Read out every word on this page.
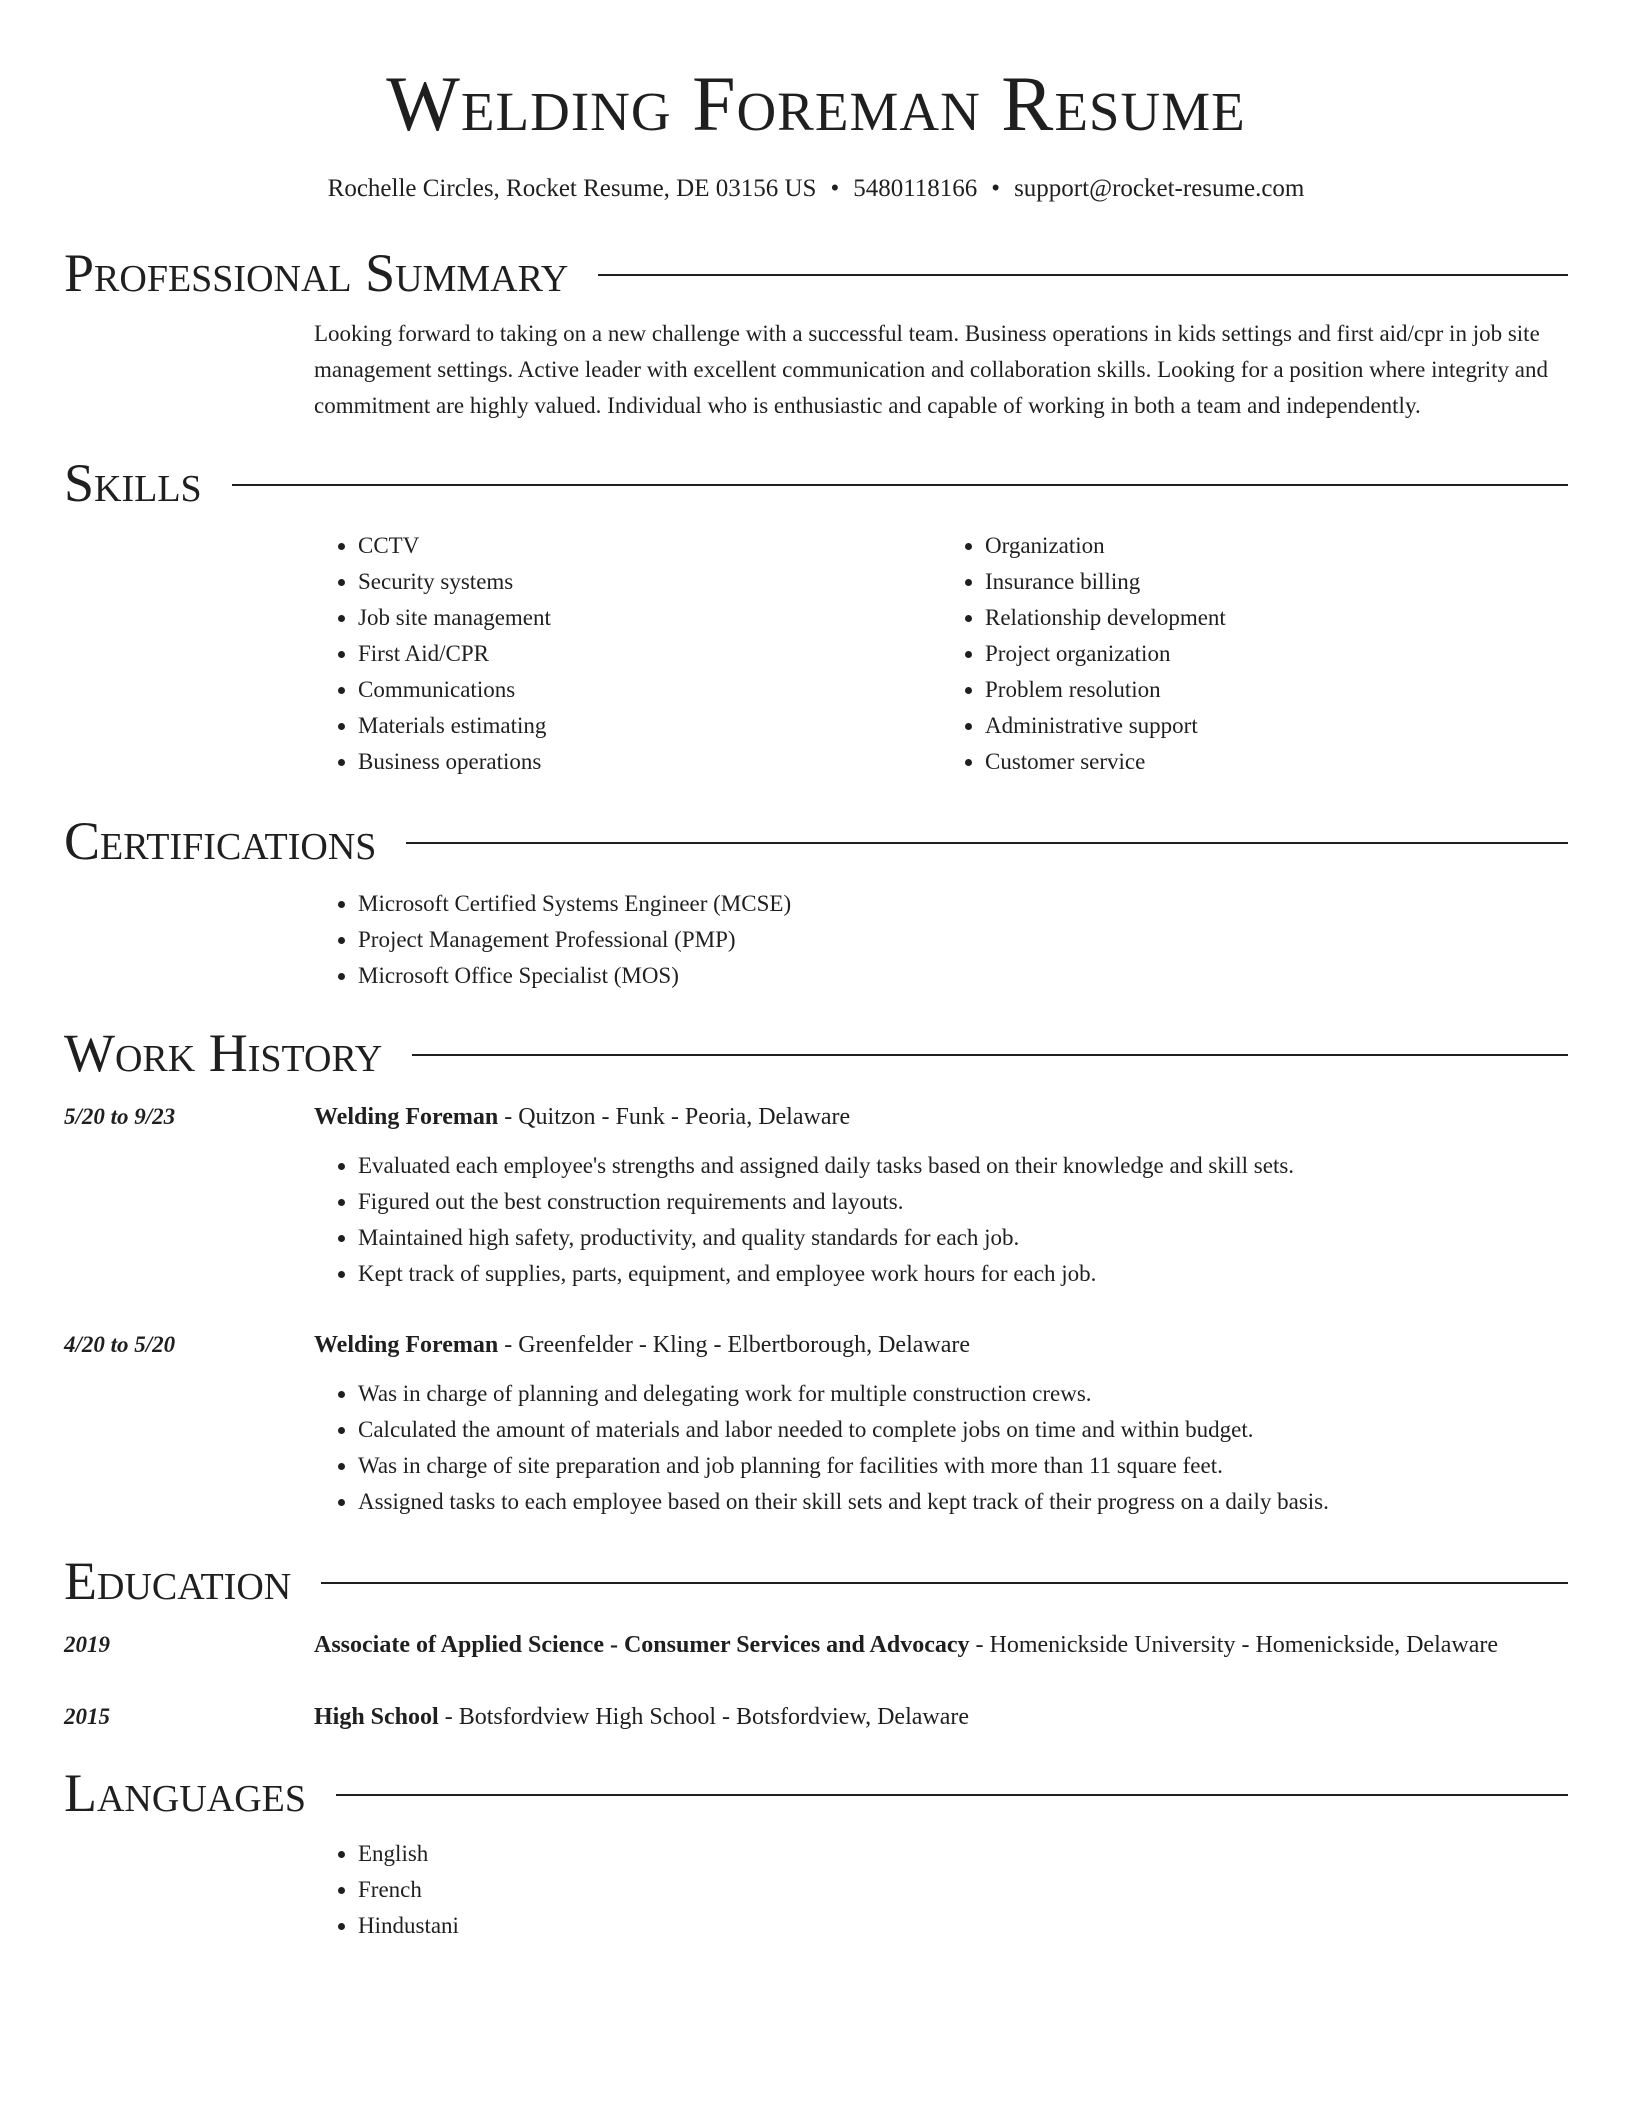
Welding Foreman Resume
Rochelle Circles, Rocket Resume, DE 03156 US • 5480118166 • support@rocket-resume.com
Professional Summary

Looking forward to taking on a new challenge with a successful team. Business operations in kids settings and first aid/cpr in job site management settings. Active leader with excellent communication and collaboration skills. Looking for a position where integrity and commitment are highly valued. Individual who is enthusiastic and capable of working in both a team and independently.

Skills
• CCTV
• Security systems
• Job site management
• First Aid/CPR
• Communications
• Materials estimating
• Business operations
• Organization
• Insurance billing
• Relationship development
• Project organization
• Problem resolution
• Administrative support
• Customer service
Certifications
• Microsoft Certified Systems Engineer (MCSE)
• Project Management Professional (PMP)
• Microsoft Office Specialist (MOS)
Work History
5/20 to 9/23	Welding Foreman - Quitzon - Funk - Peoria, Delaware

• Evaluated each employee's strengths and assigned daily tasks based on their knowledge and skill sets.
• Figured out the best construction requirements and layouts.
• Maintained high safety, productivity, and quality standards for each job.
• Kept track of supplies, parts, equipment, and employee work hours for each job.
4/20 to 5/20	Welding Foreman - Greenfelder - Kling - Elbertborough, Delaware

• Was in charge of planning and delegating work for multiple construction crews.
• Calculated the amount of materials and labor needed to complete jobs on time and within budget.
• Was in charge of site preparation and job planning for facilities with more than 11 square feet.
• Assigned tasks to each employee based on their skill sets and kept track of their progress on a daily basis.
Education
2019	Associate of Applied Science - Consumer Services and Advocacy - Homenickside University - Homenickside, Delaware

2015	High School - Botsfordview High School - Botsfordview, Delaware

Languages
• English
• French
• Hindustani
